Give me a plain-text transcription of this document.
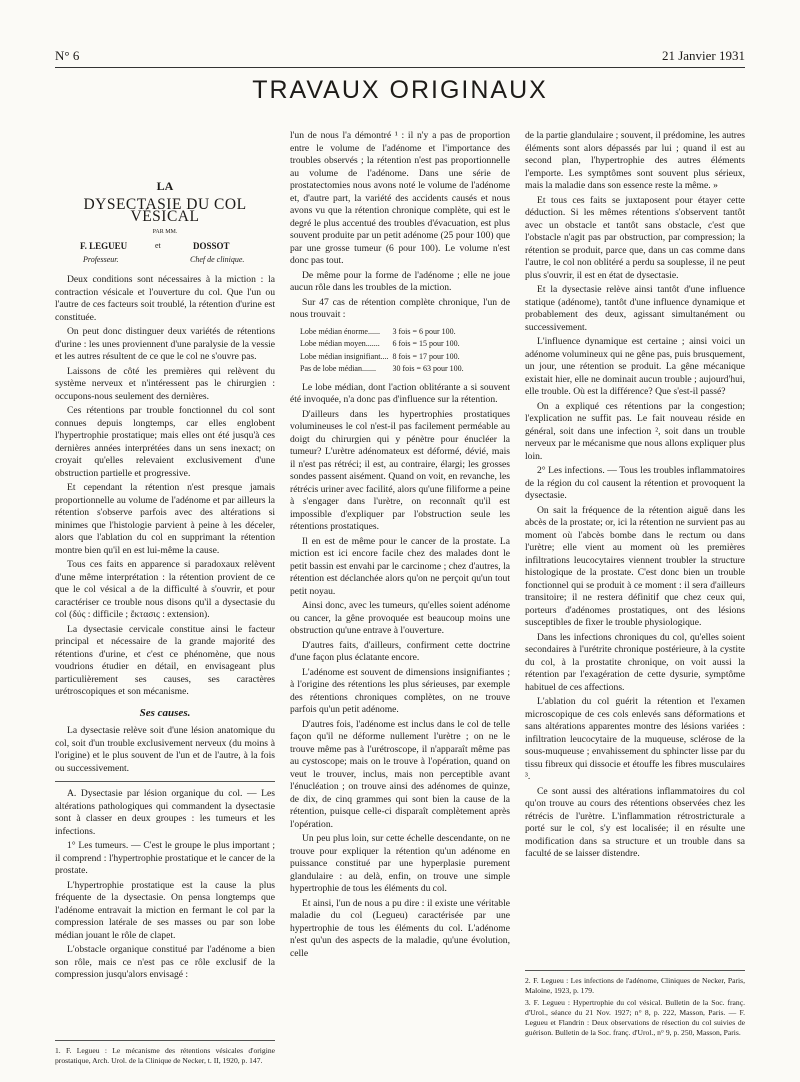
N° 6	21 Janvier 1931
TRAVAUX ORIGINAUX
LA
DYSECTASIE DU COL VÉSICAL
PAR MM.
F. LEGUEU	et	DOSSOT
Professeur.	Chef de clinique.

Deux conditions sont nécessaires à la miction : la contraction vésicale et l'ouverture du col. Que l'un ou l'autre de ces facteurs soit troublé, la rétention d'urine est constituée.

On peut donc distinguer deux variétés de rétentions d'urine : les unes proviennent d'une paralysie de la vessie et les autres résultent de ce que le col ne s'ouvre pas.

Laissons de côté les premières qui relèvent du système nerveux et n'intéressent pas le chirurgien : occupons-nous seulement des dernières.

Ces rétentions par trouble fonctionnel du col sont connues depuis longtemps, car elles englobent l'hypertrophie prostatique; mais elles ont été jusqu'à ces dernières années interprétées dans un sens inexact; on croyait qu'elles relevaient exclusivement d'une obstruction partielle et progressive.

Et cependant la rétention n'est presque jamais proportionnelle au volume de l'adénome et par ailleurs la rétention s'observe parfois avec des altérations si minimes que l'histologie parvient à peine à les déceler, alors que l'ablation du col en supprimant la rétention montre bien qu'il en est lui-même la cause.

Tous ces faits en apparence si paradoxaux relèvent d'une même interprétation : la rétention provient de ce que le col vésical a de la difficulté à s'ouvrir, et pour caractériser ce trouble nous disons qu'il a dysectasie du col (δύς : difficile ; ἔκτασις : extension).

La dysectasie cervicale constitue ainsi le facteur principal et nécessaire de la grande majorité des rétentions d'urine, et c'est ce phénomène, que nous voudrions étudier en détail, en envisageant plus particulièrement ses causes, ses caractères urétroscopiques et son mécanisme.

Ses causes.

La dysectasie relève soit d'une lésion anatomique du col, soit d'un trouble exclusivement nerveux (du moins à l'origine) et le plus souvent de l'un et de l'autre, à la fois ou successivement.

A. Dysectasie par lésion organique du col. — Les altérations pathologiques qui commandent la dysectasie sont à classer en deux groupes : les tumeurs et les infections.

1° Les tumeurs. — C'est le groupe le plus important ; il comprend : l'hypertrophie prostatique et le cancer de la prostate.

L'hypertrophie prostatique est la cause la plus fréquente de la dysectasie. On pensa longtemps que l'adénome entravait la miction en fermant le col par la compression latérale de ses masses ou par son lobe médian jouant le rôle de clapet.

L'obstacle organique constitué par l'adénome a bien son rôle, mais ce n'est pas ce rôle exclusif de la compression jusqu'alors envisagé :

1. F. Legueu : Le mécanisme des rétentions vésicales d'origine prostatique, Arch. Urol. de la Clinique de Necker, t. II, 1920, p. 147.

l'un de nous l'a démontré ¹ : il n'y a pas de proportion entre le volume de l'adénome et l'importance des troubles observés ; la rétention n'est pas proportionnelle au volume de l'adénome. Dans une série de prostatectomies nous avons noté le volume de l'adénome et, d'autre part, la variété des accidents causés et nous avons vu que la rétention chronique complète, qui est le degré le plus accentué des troubles d'évacuation, est plus souvent produite par un petit adénome (25 pour 100) que par une grosse tumeur (6 pour 100). Le volume n'est donc pas tout.

De même pour la forme de l'adénome ; elle ne joue aucun rôle dans les troubles de la miction.

Sur 47 cas de rétention complète chronique, l'un de nous trouvait :

Lobe médian énorme......	3 fois = 6 pour 100.
Lobe médian moyen.......	6 fois = 15 pour 100.
Lobe médian insignifiant....	8 fois = 17 pour 100.
Pas de lobe médian.......	30 fois = 63 pour 100.

Le lobe médian, dont l'action oblitérante a si souvent été invoquée, n'a donc pas d'influence sur la rétention.

D'ailleurs dans les hypertrophies prostatiques volumineuses le col n'est-il pas facilement perméable au doigt du chirurgien qui y pénètre pour énucléer la tumeur? L'urètre adénomateux est déformé, dévié, mais il n'est pas rétréci; il est, au contraire, élargi; les grosses sondes passent aisément. Quand on voit, en revanche, les rétrécis uriner avec facilité, alors qu'une filiforme a peine à s'engager dans l'urètre, on reconnaît qu'il est impossible d'expliquer par l'obstruction seule les rétentions prostatiques.

Il en est de même pour le cancer de la prostate. La miction est ici encore facile chez des malades dont le petit bassin est envahi par le carcinome ; chez d'autres, la rétention est déclanchée alors qu'on ne perçoit qu'un tout petit noyau.

Ainsi donc, avec les tumeurs, qu'elles soient adénome ou cancer, la gêne provoquée est beaucoup moins une obstruction qu'une entrave à l'ouverture.

D'autres faits, d'ailleurs, confirment cette doctrine d'une façon plus éclatante encore.

L'adénome est souvent de dimensions insignifiantes ; à l'origine des rétentions les plus sérieuses, par exemple des rétentions chroniques complètes, on ne trouve parfois qu'un petit adénome.

D'autres fois, l'adénome est inclus dans le col de telle façon qu'il ne déforme nullement l'urètre ; on ne le trouve même pas à l'urétroscope, il n'apparaît même pas au cystoscope; mais on le trouve à l'opération, quand on veut le trouver, inclus, mais non perceptible avant l'énucléation ; on trouve ainsi des adénomes de quinze, de dix, de cinq grammes qui sont bien la cause de la rétention, puisque celle-ci disparaît complètement après l'opération.

Un peu plus loin, sur cette échelle descendante, on ne trouve pour expliquer la rétention qu'un adénome en puissance constitué par une hyperplasie purement glandulaire : au delà, enfin, on trouve une simple hypertrophie de tous les éléments du col.

Et ainsi, l'un de nous a pu dire : il existe une véritable maladie du col (Legueu) caractérisée par une hypertrophie de tous les éléments du col. L'adénome n'est qu'un des aspects de la maladie, qu'une évolution, celle

de la partie glandulaire ; souvent, il prédomine, les autres éléments sont alors dépassés par lui ; quand il est au second plan, l'hypertrophie des autres éléments l'emporte. Les symptômes sont souvent plus sérieux, mais la maladie dans son essence reste la même. »

Et tous ces faits se juxtaposent pour étayer cette déduction. Si les mêmes rétentions s'observent tantôt avec un obstacle et tantôt sans obstacle, c'est que l'obstacle n'agit pas par obstruction, par compression; la rétention se produit, parce que, dans un cas comme dans l'autre, le col non oblitéré a perdu sa souplesse, il ne peut plus s'ouvrir, il est en état de dysectasie.

Et la dysectasie relève ainsi tantôt d'une influence statique (adénome), tantôt d'une influence dynamique et probablement des deux, agissant simultanément ou successivement.

L'influence dynamique est certaine ; ainsi voici un adénome volumineux qui ne gêne pas, puis brusquement, un jour, une rétention se produit. La gêne mécanique existait hier, elle ne dominait aucun trouble ; aujourd'hui, elle trouble. Où est la différence? Que s'est-il passé?

On a expliqué ces rétentions par la congestion; l'explication ne suffit pas. Le fait nouveau réside en général, soit dans une infection ², soit dans un trouble nerveux par le mécanisme que nous allons expliquer plus loin.

2° Les infections. — Tous les troubles inflammatoires de la région du col causent la rétention et provoquent la dysectasie.

On sait la fréquence de la rétention aiguë dans les abcès de la prostate; or, ici la rétention ne survient pas au moment où l'abcès bombe dans le rectum ou dans l'urètre; elle vient au moment où les premières infiltrations leucocytaires viennent troubler la structure histologique de la prostate. C'est donc bien un trouble fonctionnel qui se produit à ce moment : il sera d'ailleurs transitoire; il ne restera définitif que chez ceux qui, porteurs d'adénomes prostatiques, ont des lésions susceptibles de fixer le trouble physiologique.

Dans les infections chroniques du col, qu'elles soient secondaires à l'urétrite chronique postérieure, à la cystite du col, à la prostatite chronique, on voit aussi la rétention par l'exagération de cette dysurie, symptôme habituel de ces affections.

L'ablation du col guérit la rétention et l'examen microscopique de ces cols enlevés sans déformations et sans altérations apparentes montre des lésions variées : infiltration leucocytaire de la muqueuse, sclérose de la sous-muqueuse ; envahissement du sphincter lisse par du tissu fibreux qui dissocie et étouffe les fibres musculaires ³.

Ce sont aussi des altérations inflammatoires du col qu'on trouve au cours des rétentions observées chez les rétrécis de l'urètre. L'inflammation rétrostricturale a porté sur le col, s'y est localisée; il en résulte une modification dans sa structure et un trouble dans sa faculté de se laisser distendre.

2. F. Legueu : Les infections de l'adénome, Cliniques de Necker, Paris, Maloine, 1923, p. 179.

3. F. Legueu : Hypertrophie du col vésical. Bulletin de la Soc. franç. d'Urol., séance du 21 Nov. 1927; n° 8, p. 222, Masson, Paris. — F. Legueu et Flandrin : Deux observations de résection du col suivies de guérison. Bulletin de la Soc. franç. d'Urol., n° 9, p. 250, Masson, Paris.
